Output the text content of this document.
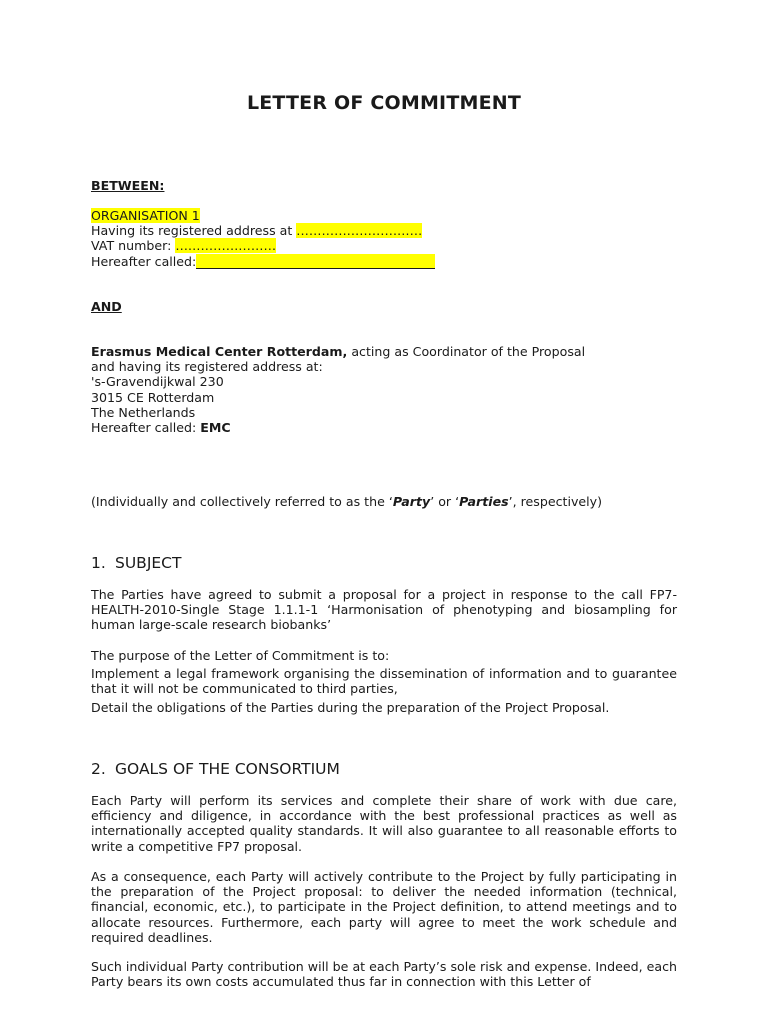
LETTER OF COMMITMENT
BETWEEN:
ORGANISATION 1
Having its registered address at …………………………
VAT number: ……………………
Hereafter called:
AND
Erasmus Medical Center Rotterdam, acting as Coordinator of the Proposal
and having its registered address at:
's-Gravendijkwal 230
3015 CE Rotterdam
The Netherlands
Hereafter called: EMC
(Individually and collectively referred to as the ‘Party’ or ‘Parties’, respectively)
1. SUBJECT
The Parties have agreed to submit a proposal for a project in response to the call FP7-HEALTH-2010-Single Stage 1.1.1-1 ‘Harmonisation of phenotyping and biosampling for human large-scale research biobanks’
The purpose of the Letter of Commitment is to:
Implement a legal framework organising the dissemination of information and to guarantee that it will not be communicated to third parties,
Detail the obligations of the Parties during the preparation of the Project Proposal.
2. GOALS OF THE CONSORTIUM
Each Party will perform its services and complete their share of work with due care, efficiency and diligence, in accordance with the best professional practices as well as internationally accepted quality standards. It will also guarantee to all reasonable efforts to write a competitive FP7 proposal.
As a consequence, each Party will actively contribute to the Project by fully participating in the preparation of the Project proposal: to deliver the needed information (technical, financial, economic, etc.), to participate in the Project definition, to attend meetings and to allocate resources. Furthermore, each party will agree to meet the work schedule and required deadlines.
Such individual Party contribution will be at each Party’s sole risk and expense. Indeed, each Party bears its own costs accumulated thus far in connection with this Letter of
